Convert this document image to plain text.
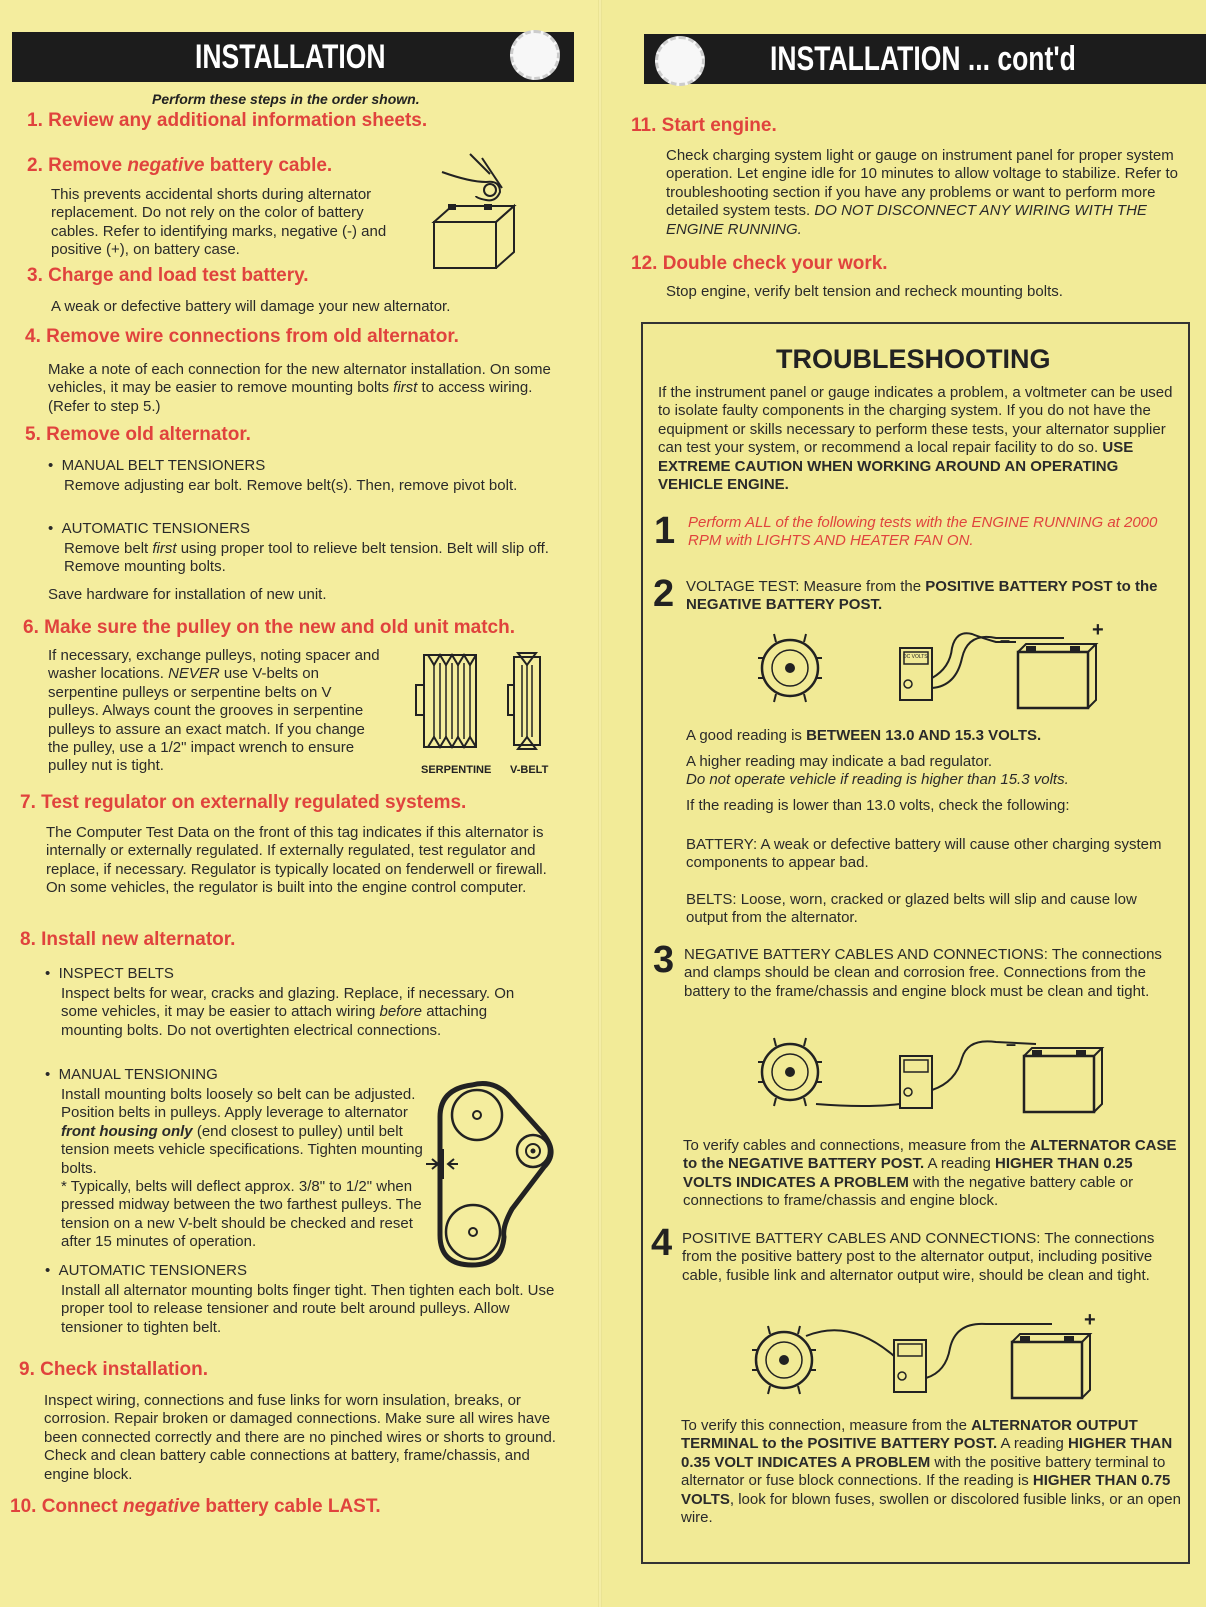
INSTALLATION
Perform these steps in the order shown.
1. Review any additional information sheets.
2. Remove negative battery cable.
This prevents accidental shorts during alternator replacement. Do not rely on the color of battery cables. Refer to identifying marks, negative (-) and positive (+), on battery case.
3. Charge and load test battery.
A weak or defective battery will damage your new alternator.
4. Remove wire connections from old alternator.
Make a note of each connection for the new alternator installation. On some vehicles, it may be easier to remove mounting bolts first to access wiring. (Refer to step 5.)
5. Remove old alternator.
•  MANUAL BELT TENSIONERS
Remove adjusting ear bolt. Remove belt(s). Then, remove pivot bolt.
•  AUTOMATIC TENSIONERS
Remove belt first using proper tool to relieve belt tension. Belt will slip off. Remove mounting bolts.
Save hardware for installation of new unit.
6. Make sure the pulley on the new and old unit match.
If necessary, exchange pulleys, noting spacer and washer locations. NEVER use V-belts on serpentine pulleys or serpentine belts on V pulleys. Always count the grooves in serpentine pulleys to assure an exact match. If you change the pulley, use a 1/2" impact wrench to ensure pulley nut is tight.	SERPENTINE V-BELT
7. Test regulator on externally regulated systems.
The Computer Test Data on the front of this tag indicates if this alternator is internally or externally regulated. If externally regulated, test regulator and replace, if necessary. Regulator is typically located on fenderwell or firewall. On some vehicles, the regulator is built into the engine control computer.
8. Install new alternator.
•  INSPECT BELTS
Inspect belts for wear, cracks and glazing. Replace, if necessary. On some vehicles, it may be easier to attach wiring before attaching mounting bolts. Do not overtighten electrical connections.
•  MANUAL TENSIONING
Install mounting bolts loosely so belt can be adjusted. Position belts in pulleys. Apply leverage to alternator front housing only (end closest to pulley) until belt tension meets vehicle specifications. Tighten mounting bolts.
* Typically, belts will deflect approx. 3/8" to 1/2" when pressed midway between the two farthest pulleys. The tension on a new V-belt should be checked and reset after 15 minutes of operation.
•  AUTOMATIC TENSIONERS
Install all alternator mounting bolts finger tight. Then tighten each bolt. Use proper tool to release tensioner and route belt around pulleys. Allow tensioner to tighten belt.
9. Check installation.
Inspect wiring, connections and fuse links for worn insulation, breaks, or corrosion. Repair broken or damaged connections. Make sure all wires have been connected correctly and there are no pinched wires or shorts to ground. Check and clean battery cable connections at battery, frame/chassis, and engine block.
10. Connect negative battery cable LAST.
INSTALLATION ... cont'd
11. Start engine.
Check charging system light or gauge on instrument panel for proper system operation. Let engine idle for 10 minutes to allow voltage to stabilize. Refer to troubleshooting section if you have any problems or want to perform more detailed system tests. DO NOT DISCONNECT ANY WIRING WITH THE ENGINE RUNNING.
12. Double check your work.
Stop engine, verify belt tension and recheck mounting bolts.
TROUBLESHOOTING
If the instrument panel or gauge indicates a problem, a voltmeter can be used to isolate faulty components in the charging system. If you do not have the equipment or skills necessary to perform these tests, your alternator supplier can test your system, or recommend a local repair facility to do so. USE EXTREME CAUTION WHEN WORKING AROUND AN OPERATING VEHICLE ENGINE.
1 Perform ALL of the following tests with the ENGINE RUNNING at 2000 RPM with LIGHTS AND HEATER FAN ON.
2 VOLTAGE TEST: Measure from the POSITIVE BATTERY POST to the NEGATIVE BATTERY POST.
+
–
DC VOLTS
A good reading is BETWEEN 13.0 AND 15.3 VOLTS.
A higher reading may indicate a bad regulator.
Do not operate vehicle if reading is higher than 15.3 volts.
If the reading is lower than 13.0 volts, check the following:
BATTERY: A weak or defective battery will cause other charging system components to appear bad.
BELTS: Loose, worn, cracked or glazed belts will slip and cause low output from the alternator.
3 NEGATIVE BATTERY CABLES AND CONNECTIONS: The connections and clamps should be clean and corrosion free. Connections from the battery to the frame/chassis and engine block must be clean and tight.
–
To verify cables and connections, measure from the ALTERNATOR CASE to the NEGATIVE BATTERY POST. A reading HIGHER THAN 0.25 VOLTS INDICATES A PROBLEM with the negative battery cable or connections to frame/chassis and engine block.
4 POSITIVE BATTERY CABLES AND CONNECTIONS: The connections from the positive battery post to the alternator output, including positive cable, fusible link and alternator output wire, should be clean and tight.
+
To verify this connection, measure from the ALTERNATOR OUTPUT TERMINAL to the POSITIVE BATTERY POST. A reading HIGHER THAN 0.35 VOLT INDICATES A PROBLEM with the positive battery terminal to alternator or fuse block connections. If the reading is HIGHER THAN 0.75 VOLTS, look for blown fuses, swollen or discolored fusible links, or an open wire.
